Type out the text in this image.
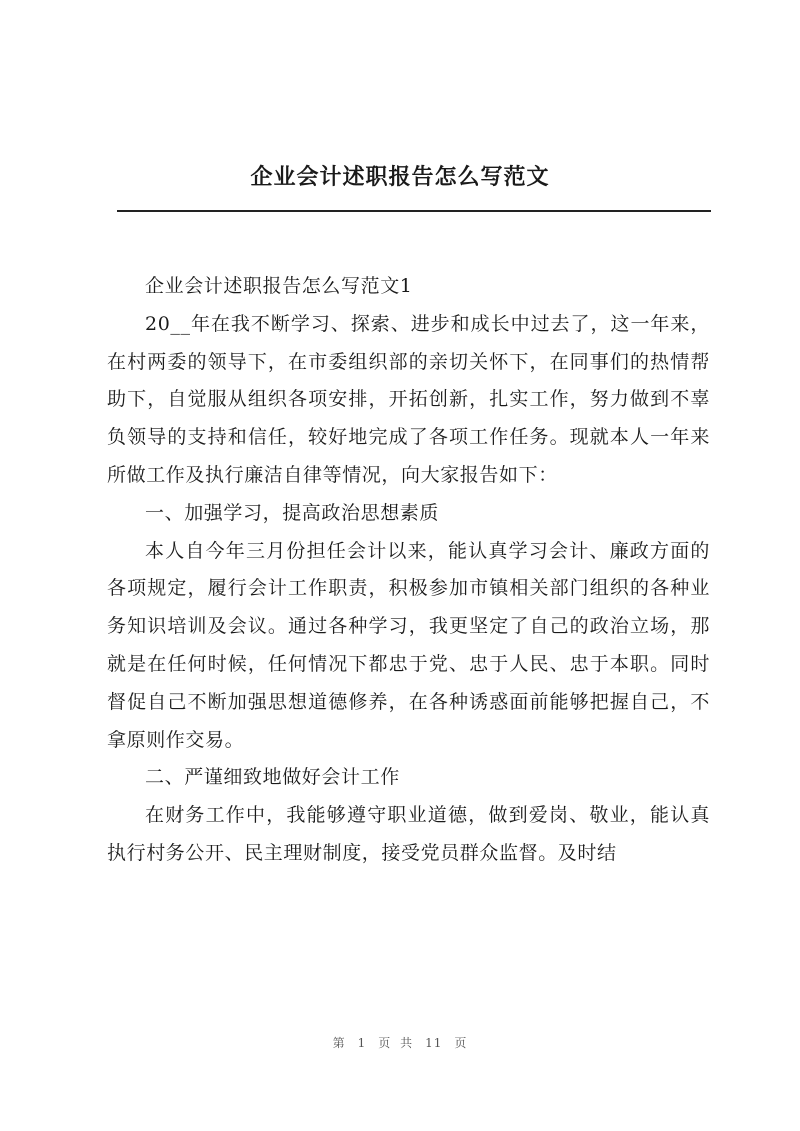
企业会计述职报告怎么写范文

企业会计述职报告怎么写范文1

20__年在我不断学习、探索、进步和成长中过去了，这一年来，在村两委的领导下，在市委组织部的亲切关怀下，在同事们的热情帮助下，自觉服从组织各项安排，开拓创新，扎实工作，努力做到不辜负领导的支持和信任，较好地完成了各项工作任务。现就本人一年来所做工作及执行廉洁自律等情况，向大家报告如下：

一、加强学习，提高政治思想素质

本人自今年三月份担任会计以来，能认真学习会计、廉政方面的各项规定，履行会计工作职责，积极参加市镇相关部门组织的各种业务知识培训及会议。通过各种学习，我更坚定了自己的政治立场，那就是在任何时候，任何情况下都忠于党、忠于人民、忠于本职。同时督促自己不断加强思想道德修养，在各种诱惑面前能够把握自己，不拿原则作交易。

二、严谨细致地做好会计工作

在财务工作中，我能够遵守职业道德，做到爱岗、敬业，能认真执行村务公开、民主理财制度，接受党员群众监督。及时结

第 1 页 共 11 页
